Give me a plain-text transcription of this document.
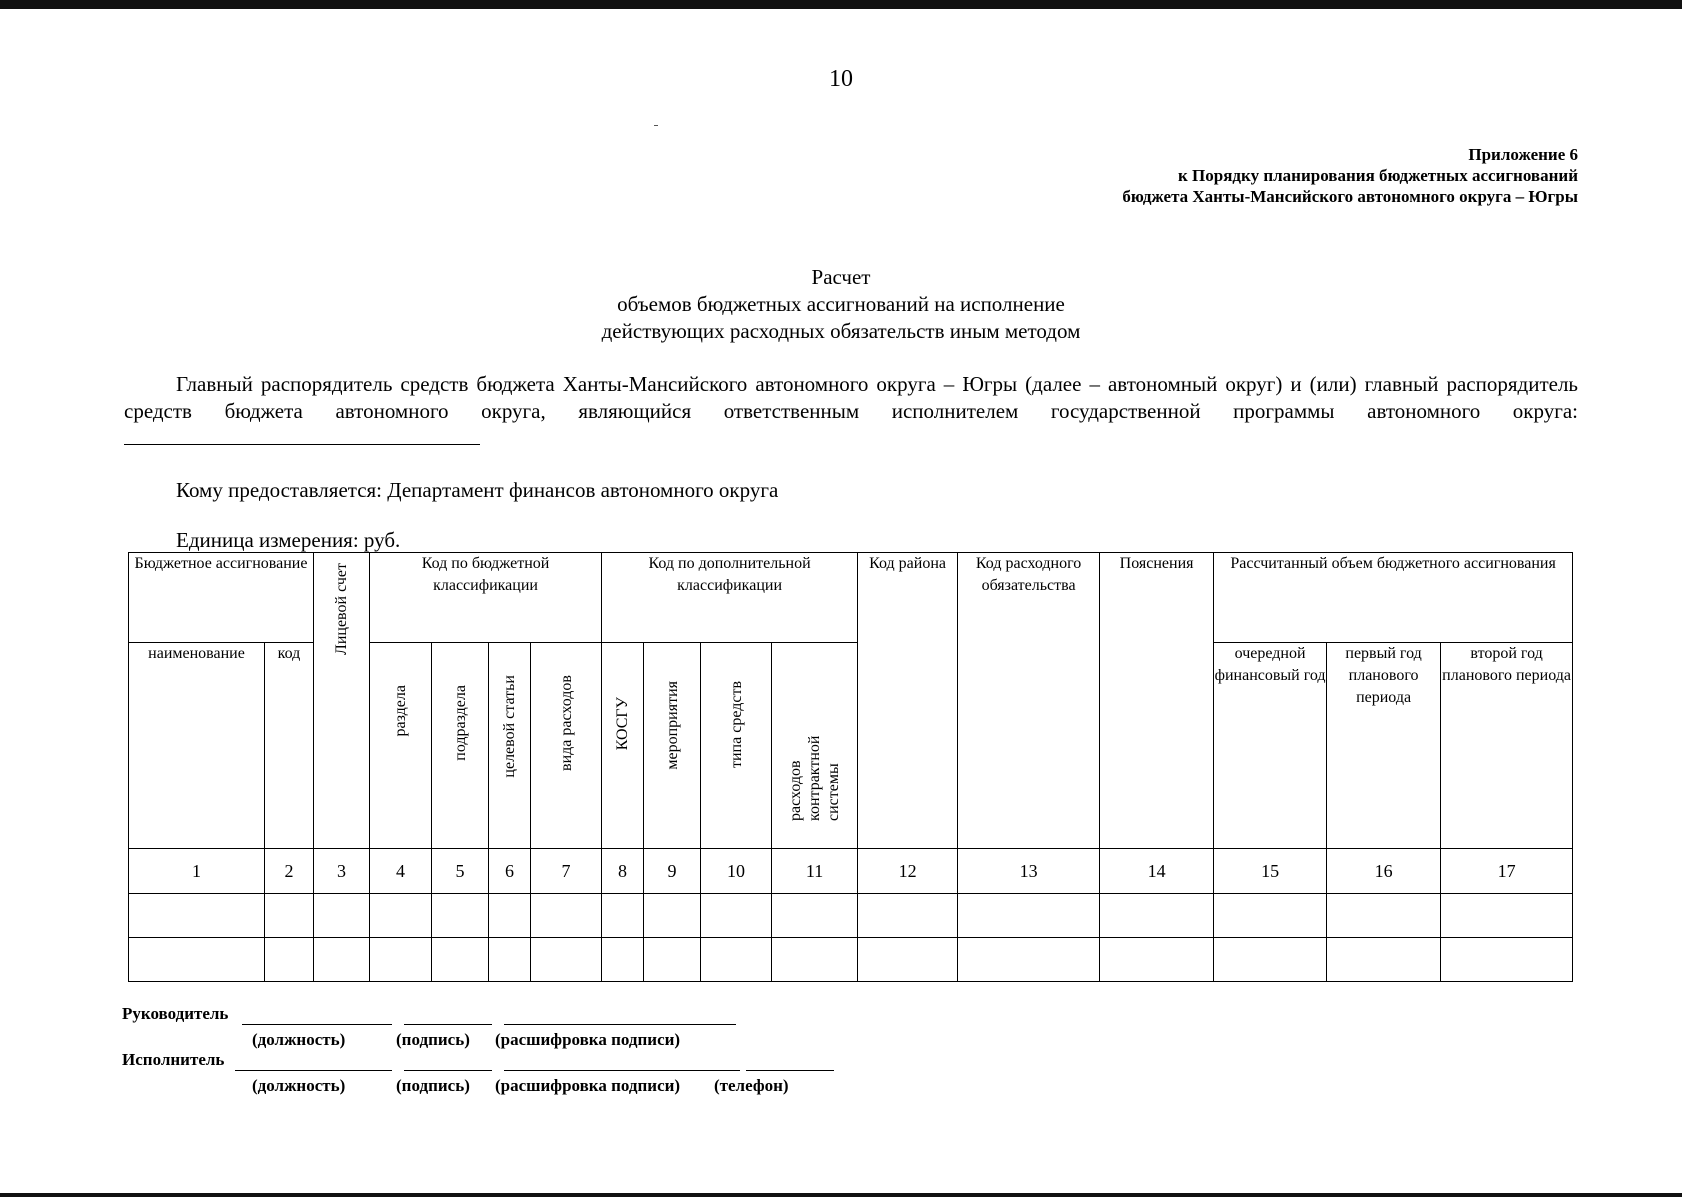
10
Приложение 6
к Порядку планирования бюджетных ассигнований
бюджета Ханты-Мансийского автономного округа – Югры
Расчет
объемов бюджетных ассигнований на исполнение
действующих расходных обязательств иным методом
Главный распорядитель средств бюджета Ханты-Мансийского автономного округа – Югры (далее – автономный округ) и (или) главный распорядитель средств бюджета автономного округа, являющийся ответственным исполнителем государственной программы автономного округа:
Кому предоставляется: Департамент финансов автономного округа
Единица измерения: руб.
Бюджетное ассигнование		Лицевой счет	Код по бюджетной классификации				Код по дополнительной классификации				Код района	Код расходного обязательства	Пояснения	Рассчитанный объем бюджетного ассигнования		
наименование	код		раздела	подраздела	целевой статьи	вида расходов	КОСГУ	мероприятия	типа средств	расходов контрактной системы				очередной финансовый год	первый год планового периода	второй год планового периода
1	2	3	4	5	6	7	8	9	10	11	12	13	14	15	16	17

Руководитель
(должность)	(подпись) (расшифровка подписи)
Исполнитель
(должность)	(подпись) (расшифровка подписи) (телефон)
